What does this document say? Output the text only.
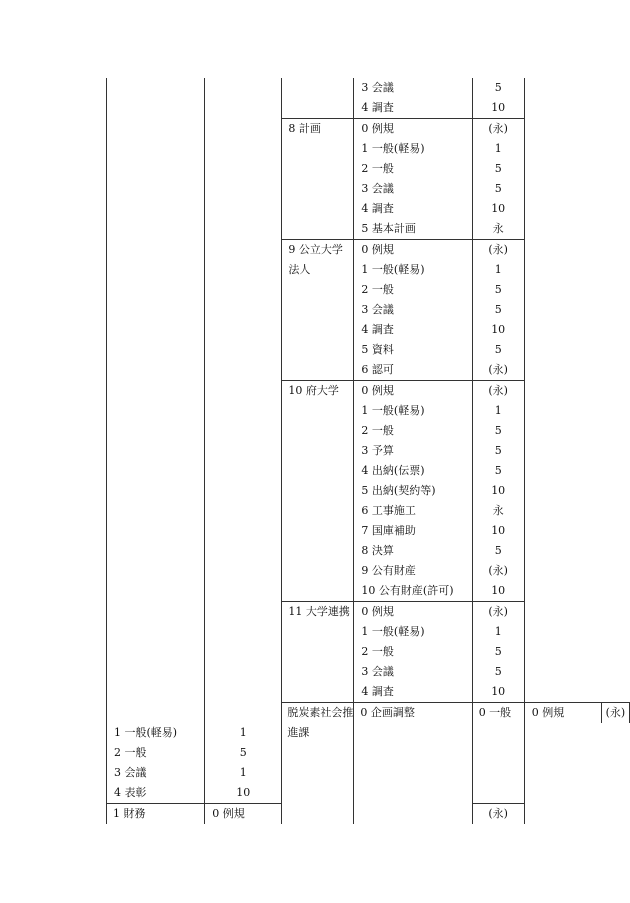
			3 会議	5		

			4 調査	10		

		8 計画	0 例規	(永)		

			1 一般(軽易)	1		

			2 一般	5		

			3 会議	5		

			4 調査	10		

			5 基本計画	永		

		9 公立大学法人	0 例規	(永)		

			1 一般(軽易)	1		

			2 一般	5		

			3 会議	5		

			4 調査	10		

			5 資料	5		

			6 認可	(永)		

		10 府大学	0 例規	(永)		

			1 一般(軽易)	1		

			2 一般	5		

			3 予算	5		

			4 出納(伝票)	5		

			5 出納(契約等)	10		

			6 工事施工	永		

			7 国庫補助	10		

			8 決算	5		

			9 公有財産	(永)		

			10 公有財産(許可)	10		

		11 大学連携	0 例規	(永)		

			1 一般(軽易)	1		

			2 一般	5		

			3 会議	5		

			4 調査	10		

		脱炭素社会推進課	0 企画調整	0 一般	0 例規	(永)

1 一般(軽易)	1					

2 一般	5					

3 会議	1					

4 表彰	10					

1 財務	0 例規			(永)		
